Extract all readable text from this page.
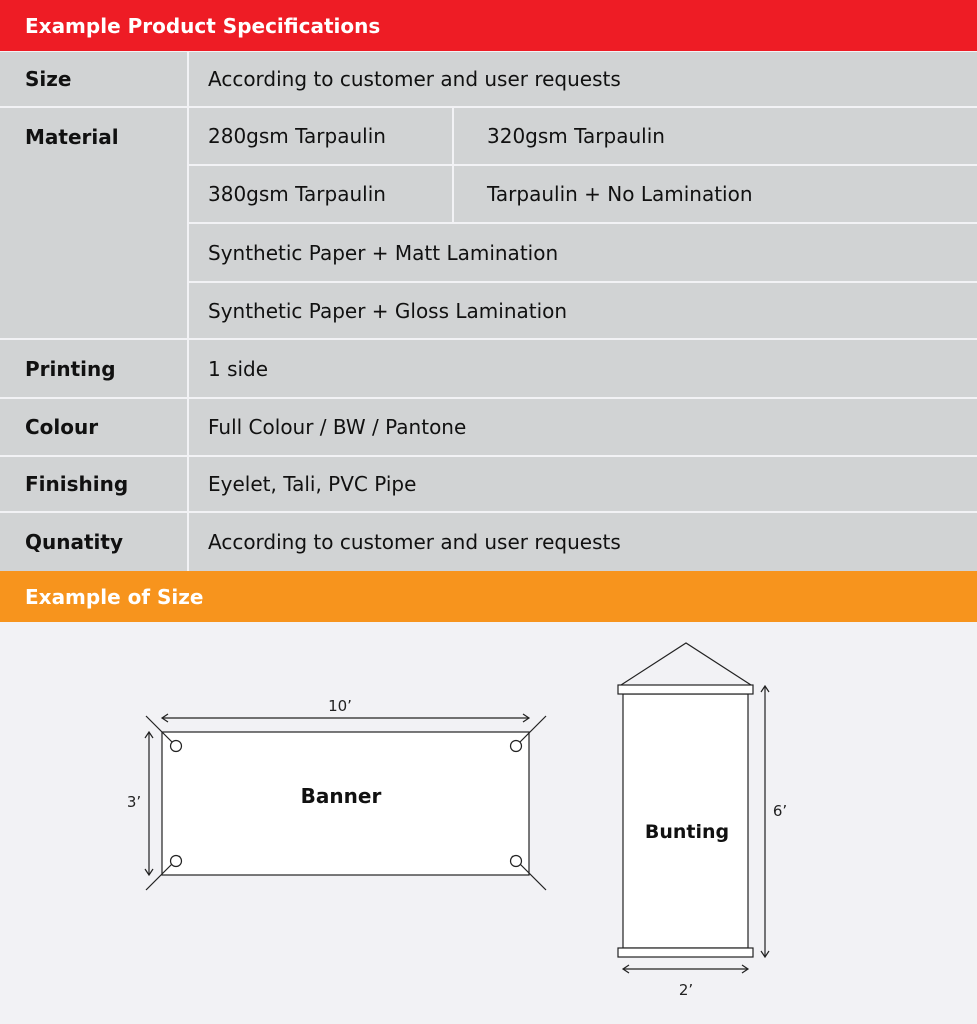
Example Product Specifications
Size	According to customer and user requests
Material	280gsm Tarpaulin	320gsm Tarpaulin
380gsm Tarpaulin	Tarpaulin + No Lamination
Synthetic Paper + Matt Lamination
Synthetic Paper + Gloss Lamination
Printing	1 side
Colour	Full Colour / BW / Pantone
Finishing	Eyelet, Tali, PVC Pipe
Qunatity	According to customer and user requests
Example of Size
10’
3’	Banner
Bunting
6’
2’
